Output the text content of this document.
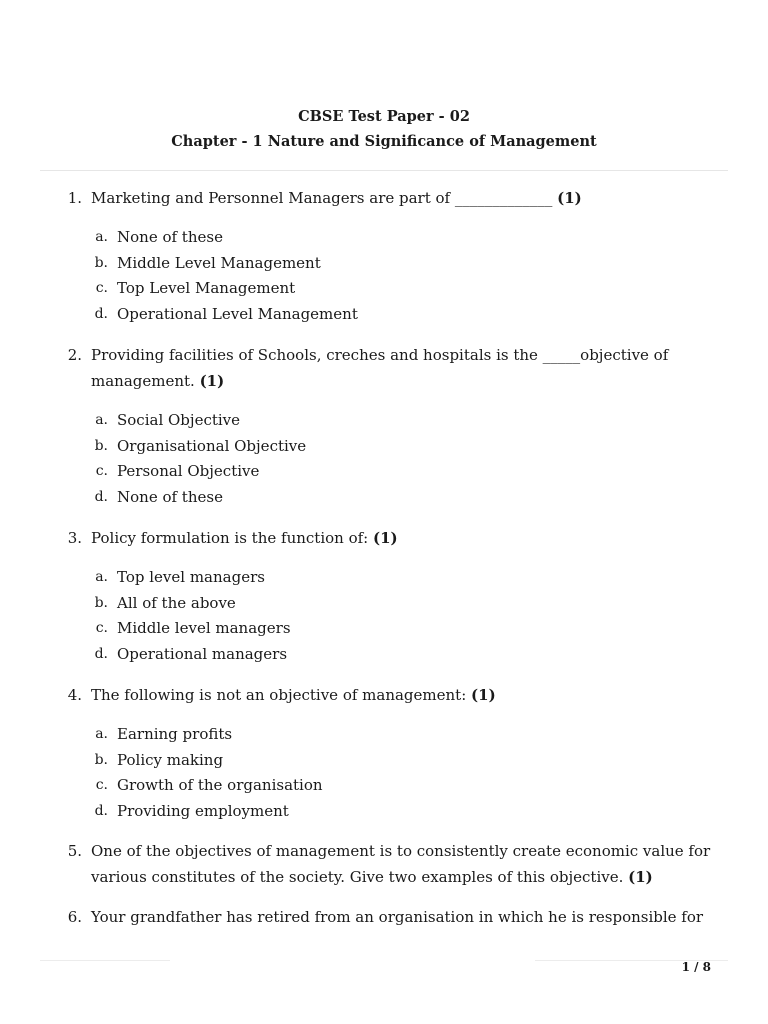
CBSE Test Paper - 02
Chapter - 1 Nature and Significance of Management
1. Marketing and Personnel Managers are part of _____________ (1)
a. None of these
b. Middle Level Management
c. Top Level Management
d. Operational Level Management
2. Providing facilities of Schools, creches and hospitals is the _____objective of management. (1)
a. Social Objective
b. Organisational Objective
c. Personal Objective
d. None of these
3. Policy formulation is the function of: (1)
a. Top level managers
b. All of the above
c. Middle level managers
d. Operational managers
4. The following is not an objective of management: (1)
a. Earning profits
b. Policy making
c. Growth of the organisation
d. Providing employment
5. One of the objectives of management is to consistently create economic value for various constitutes of the society. Give two examples of this objective. (1)
6. Your grandfather has retired from an organisation in which he is responsible for
1 / 8
